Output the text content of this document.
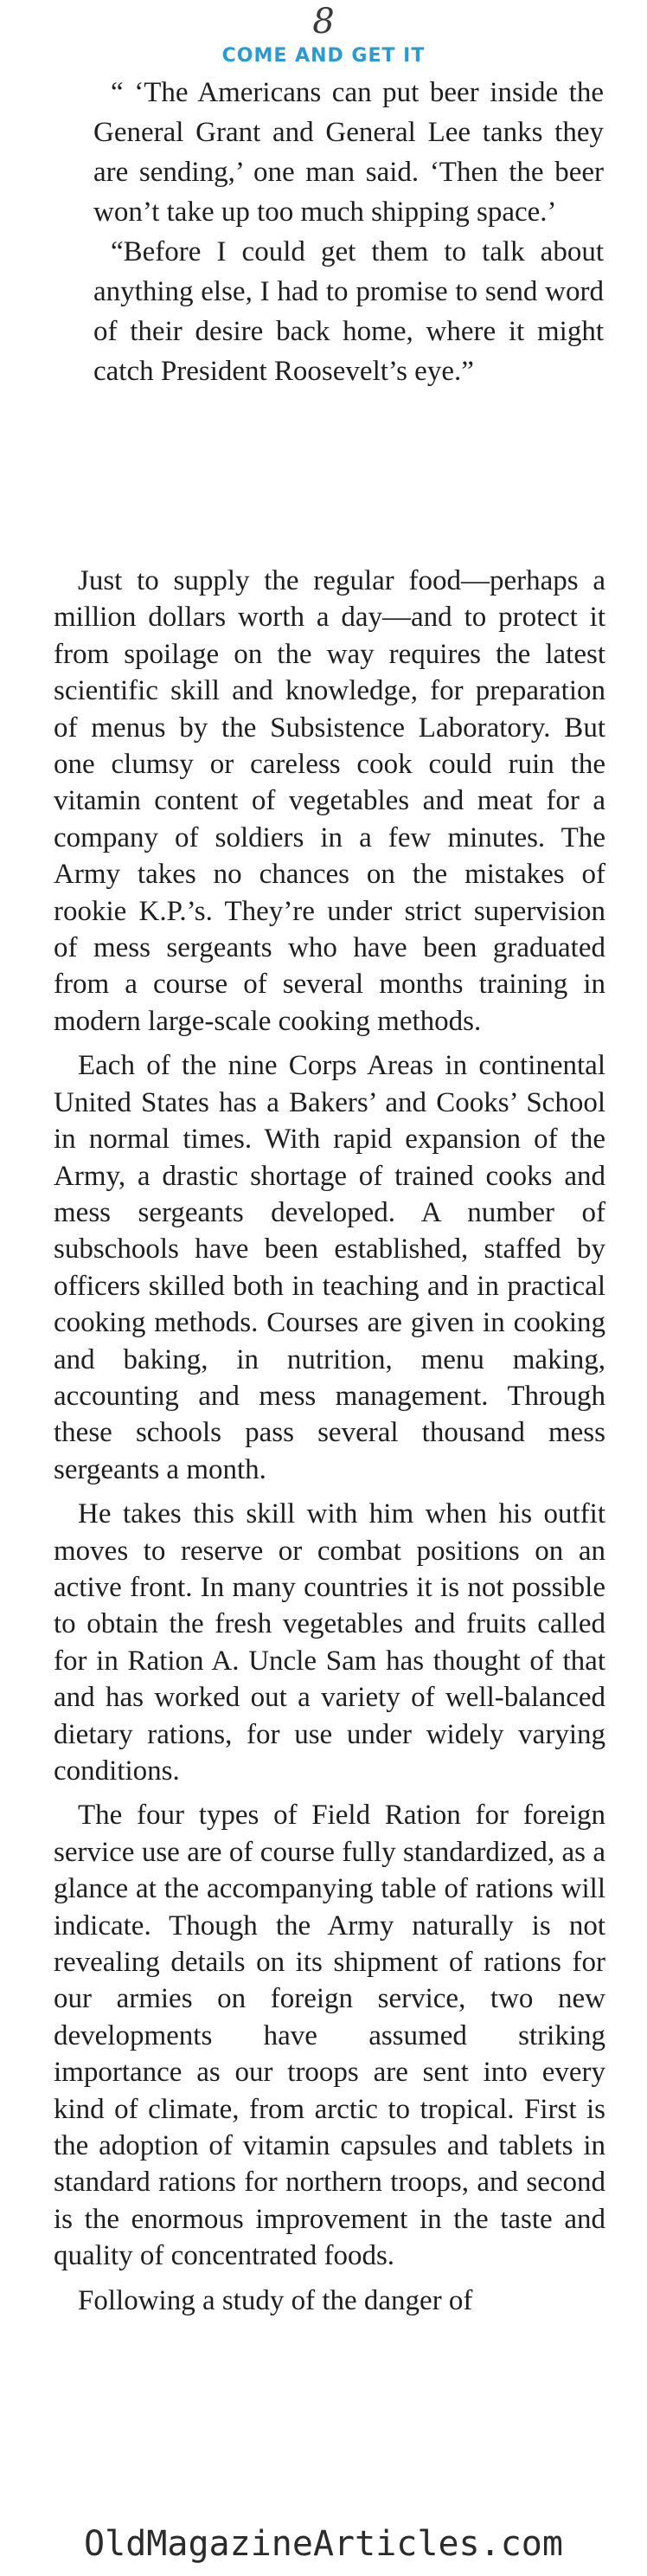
8
COME AND GET IT

“ ‘The Americans can put beer inside the General Grant and General Lee tanks they are sending,’ one man said. ‘Then the beer won’t take up too much shipping space.’

“Before I could get them to talk about anything else, I had to promise to send word of their desire back home, where it might catch President Roosevelt’s eye.”

Just to supply the regular food—perhaps a million dollars worth a day—and to protect it from spoilage on the way requires the latest scientific skill and knowledge, for preparation of menus by the Subsistence Laboratory. But one clumsy or careless cook could ruin the vitamin content of vegetables and meat for a company of soldiers in a few minutes. The Army takes no chances on the mistakes of rookie K.P.’s. They’re under strict supervision of mess sergeants who have been graduated from a course of several months training in modern large-scale cooking methods.

Each of the nine Corps Areas in continental United States has a Bakers’ and Cooks’ School in normal times. With rapid expansion of the Army, a drastic shortage of trained cooks and mess sergeants developed. A number of subschools have been established, staffed by officers skilled both in teaching and in practical cooking methods. Courses are given in cooking and baking, in nutrition, menu making, accounting and mess management. Through these schools pass several thousand mess sergeants a month.

He takes this skill with him when his outfit moves to reserve or combat positions on an active front. In many countries it is not possible to obtain the fresh vegetables and fruits called for in Ration A. Uncle Sam has thought of that and has worked out a variety of well-balanced dietary rations, for use under widely varying conditions.

The four types of Field Ration for foreign service use are of course fully standardized, as a glance at the accompanying table of rations will indicate. Though the Army naturally is not revealing details on its shipment of rations for our armies on foreign service, two new developments have assumed striking importance as our troops are sent into every kind of climate, from arctic to tropical. First is the adoption of vitamin capsules and tablets in standard rations for northern troops, and second is the enormous improvement in the taste and quality of concentrated foods.

Following a study of the danger of

OldMagazineArticles.com
